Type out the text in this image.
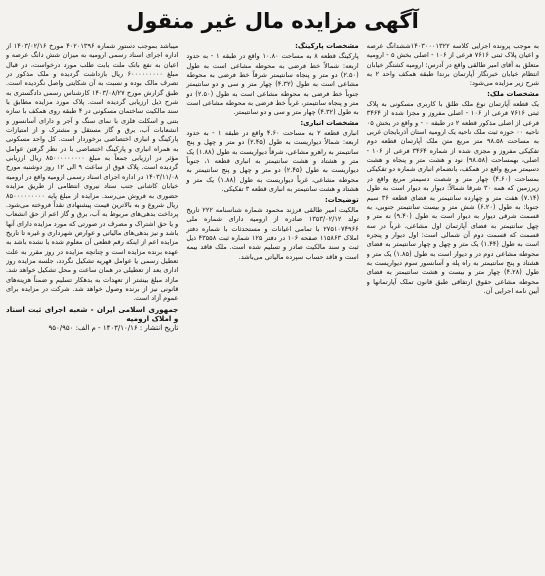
آگهی مزایده مال غیر منقول

به موجب پرونده اجرایی کلاسه ۱۴۰۳۰۰۰۱۳۲۲ششدانگ عرصه و اعیان پلاک ثبتی ۷۶۱۶ فرعی از ۱۰۶ - اصلی بخش ۵ - ارومیه متعلق به آقای امیر طالقی واقع در آدرس: ارومیه کشتگر خیابان انتظام خیابان خبرنگار آپارتمان برندا طبقه همکف واحد ۲ به شرح زیر مزایده می‌شود:

مشخصات ملک:

یک قطعه آپارتمان نوع ملک طلق با کاربری مسکونی به پلاک ثبتی ۷۶۱۶ فرعی از ۱۰۶ - اصلی مفروز و مجزا شده از ۳۴۶۴ فرعی از اصلی مذکور قطعه ۲ در طبقه ۰ - و واقع در بخش ۰۵ ناحیه ۰۰ حوزه ثبت ملک ناحیه یک ارومیه استان آذربایجان غربی به مساحت ۹۸.۵۸ متر مربع متن ملک آپارتمان قطعه دوم تفکیکی مفروز و مجزی شده از شماره ۳۴۶۴ فرعی از ۱۰۶ - اصلی، بهمساحت (۹۸.۵۸) نود و هشت متر و پنجاه و هشت دسیمتر مربع واقع در همکف، بانضمام انباری شماره دو تفکیکی بمساحت (۴.۶۰) چهار متر و شصت دسیمتر مربع واقع در زیرزمین که همه ۳۰ شرقا شمالاً: دیوار به دیوار است به طول (۷.۱۴) هفت متر و چهارده سانتیمتر به فضای قطعه ۳۶ سیم جنوبا: به طول (۶.۲۰) شش متر و بیست سانتیمتر جنوبی، به قسمت شرقی دیوار به دیوار است به طول (۹.۴۰) نه متر و چهل سانتیمتر به فضای آپارتمان اول مشاعی، غرباً در سه قسمت که قسمت دوم آن شمالی است: اول دیوار و پنجره است به طول (۱.۴۴) یک متر و چهل و چهار سانتیمتر به فضای محوطه مشاعی دوم در و دیوار است به طول (۱.۸۵) یک متر و هشتاد و پنج سانتیمتر به راه پله و آسانسور سوم دیواریست به طول (۴.۲۸) چهار متر و بیست و هشت سانتیمتر به فضای محوطه مشاعی حقوق ارتفاقی طبق قانون تملک آپارتمانها و آیین نامه اجرایی آن.

مشخصات پارکینگ:

پارکینگ قطعه ۸ به مساحت ۱۰.۸۰ واقع در طبقه ۱ - به حدود اربعه: شمالاً خط فرضی به محوطه مشاعی است به طول (۲.۵۰) دو متر و پنجاه سانتیمتر شرقاً خط فرضی به محوطه مشاعی است به طول (۴.۳۲) چهار متر و سی و دو سانتیمتر جنوباً خط فرضی به محوطه مشاعی است به طول (۲.۵۰) دو متر و پنجاه سانتیمتر، غرباً خط فرضی به محوطه مشاعی است به طول (۴.۳۲) چهار متر و سی و دو سانتیمتر.

مشخصات انباری:

انباری قطعه ۲ به مساحت ۴.۶۰ واقع در طبقه ۱ - به حدود اربعه: شمالاً دیواریست به طول (۲.۴۵) دو متر و چهل و پنج سانتیمتر به راهرو مشاعی، شرقاً دیواریست به طول (۱.۸۸) یک متر و هشتاد و هشت سانتیمتر به انباری قطعه ۱، جنوباً دیواریست به طول (۲.۴۵) دو متر و چهل و پنج سانتیمتر به محوطه مشاعی، غرباً دیواریست به طول (۱.۸۸) یک متر و هشتاد و هشت سانتیمتر به انباری قطعه ۳ تفکیکی.

توضیحات:

مالکیت امیر طالقی فرزند محمود شماره شناسنامه ۲۲۲ تاریخ تولد ۱۳۵۳/۰۲/۱۲ صادره از ارومیه دارای شماره ملی ۲۷۵۱۰۷۴۹۶۶ با تمامی اعیانات و مستحدثات با شماره دفتر املاک ۱۱۵۸۶۳ صفحه ۱۰۶ در دفتر ۱۲۵ شماره ثبت ۴۳۵۵۸ ذیل ثبت و سند مالکیت صادر و تسلیم شده است. ملک فاقد بیمه است و فاقد حساب سپرده مالیاتی می‌باشد.

میباشد بموجب دستور شماره ۴۰۲۰۱۳۹۶ مورخ ۱۴۰۳/۰۲/۱۶ از اداره اجرای اسناد رسمی ارومیه به میزان شش دانگ عرصه و اعیان به نفع بانک ملت بابت طلب مورد درخواست، در قبال مبلغ ۶۰۰۰۰۰۰۰۰۰ ریال بازداشت گردیده و ملک مذکور در تصرف مالک بوده و نسبت به آن شکایتی واصل نگردیده است. طبق گزارش مورخ ۱۴۰۳/۰۸/۲۷ کارشناس رسمی دادگستری به شرح ذیل ارزیابی گردیده است. پلاک مورد مزایده مطابق با سند مالکیت ساختمان مسکونی در ۴ طبقه روی همکف با سازه بتنی و اسکلت فلزی با نمای سنگ و آجر و دارای آسانسور و انشعابات آب، برق و گاز مستقل و مشترک و از امتیازات پارکینگ و انباری اختصاصی برخوردار است. کل واحد مسکونی به همراه انباری و پارکینگ اختصاصی با در نظر گرفتن عوامل مؤثر در ارزیابی جمعاً به مبلغ ۸۵۰۰۰۰۰۰۰۰۰ ریال ارزیابی گردیده است. پلاک فوق از ساعت ۹ الی ۱۲ روز دوشنبه مورخ ۱۴۰۳/۱۱/۰۸ در اداره اجرای اسناد رسمی ارومیه واقع در ارومیه خیابان کاشانی جنب ستاد نیروی انتظامی از طریق مزایده حضوری به فروش می‌رسد. مزایده از مبلغ پایه ۸۵۰۰۰۰۰۰۰۰۰ ریال شروع و به بالاترین قیمت پیشنهادی نقداً فروخته می‌شود. پرداخت بدهی‌های مربوط به آب، برق و گاز اعم از حق انشعاب و یا حق اشتراک و مصرف در صورتی که مورد مزایده دارای آنها باشد و نیز بدهی‌های مالیاتی و عوارض شهرداری و غیره تا تاریخ مزایده اعم از اینکه رقم قطعی آن معلوم شده یا نشده باشد به عهده برنده مزایده است و چنانچه مزایده در روز مقرر به علت تعطیل رسمی یا عوامل قهریه تشکیل نگردد، جلسه مزایده روز اداری بعد از تعطیلی در همان ساعت و محل تشکیل خواهد شد. مازاد مبلغ بیشتر از تعهدات به بدهکار تسلیم و ضمناً هزینه‌های قانونی نیز از برنده وصول خواهد شد. شرکت در مزایده برای عموم آزاد است.

جمهوری اسلامی ایران - شعبه اجرای ثبت اسناد و املاک ارومیه

تاریخ انتشار : ۱۴۰۳/۱۰/۱۶ - م الف: ۹۵۰/۹۵۰
